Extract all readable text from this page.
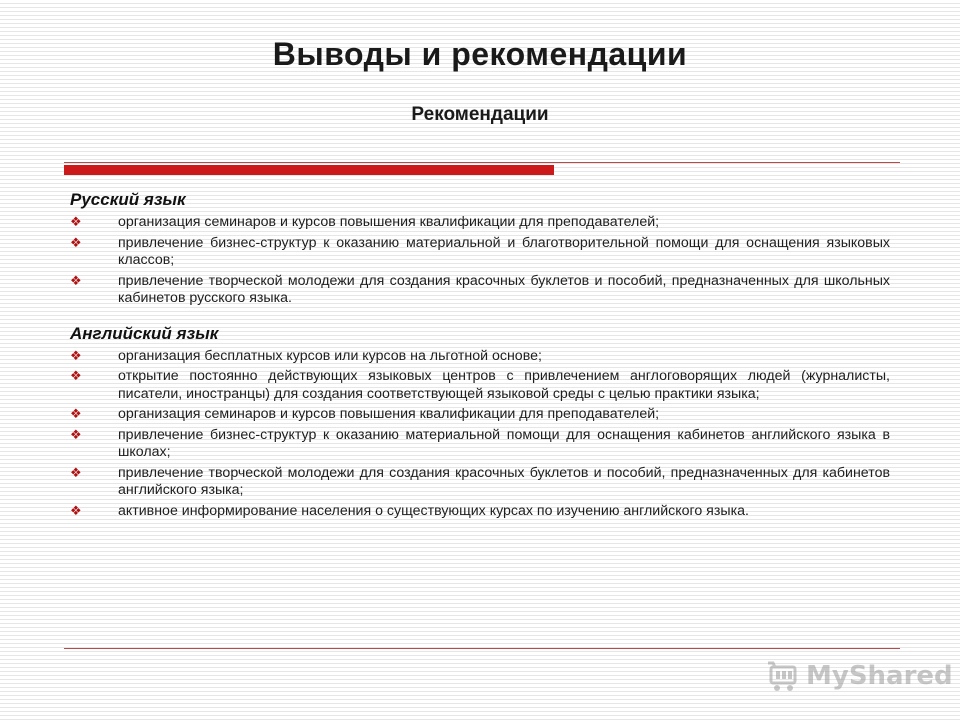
Выводы и рекомендации
Рекомендации
Русский язык
❖	организация семинаров и курсов повышения квалификации для преподавателей;
❖	привлечение бизнес-структур к оказанию материальной и благотворительной помощи для оснащения языковых классов;
❖	привлечение творческой молодежи для создания красочных буклетов и пособий, предназначенных для школьных кабинетов русского языка.
Английский язык
❖	организация бесплатных курсов или курсов на льготной основе;
❖	открытие постоянно действующих языковых центров с привлечением англоговорящих людей (журналисты, писатели, иностранцы) для создания соответствующей языковой среды с целью практики языка;
❖	организация семинаров и курсов повышения квалификации для преподавателей;
❖	привлечение бизнес-структур к оказанию материальной помощи для оснащения кабинетов английского языка в школах;
❖	привлечение творческой молодежи для создания красочных буклетов и пособий, предназначенных для кабинетов английского языка;
❖	активное информирование населения о существующих курсах по изучению английского языка.
MyShared
